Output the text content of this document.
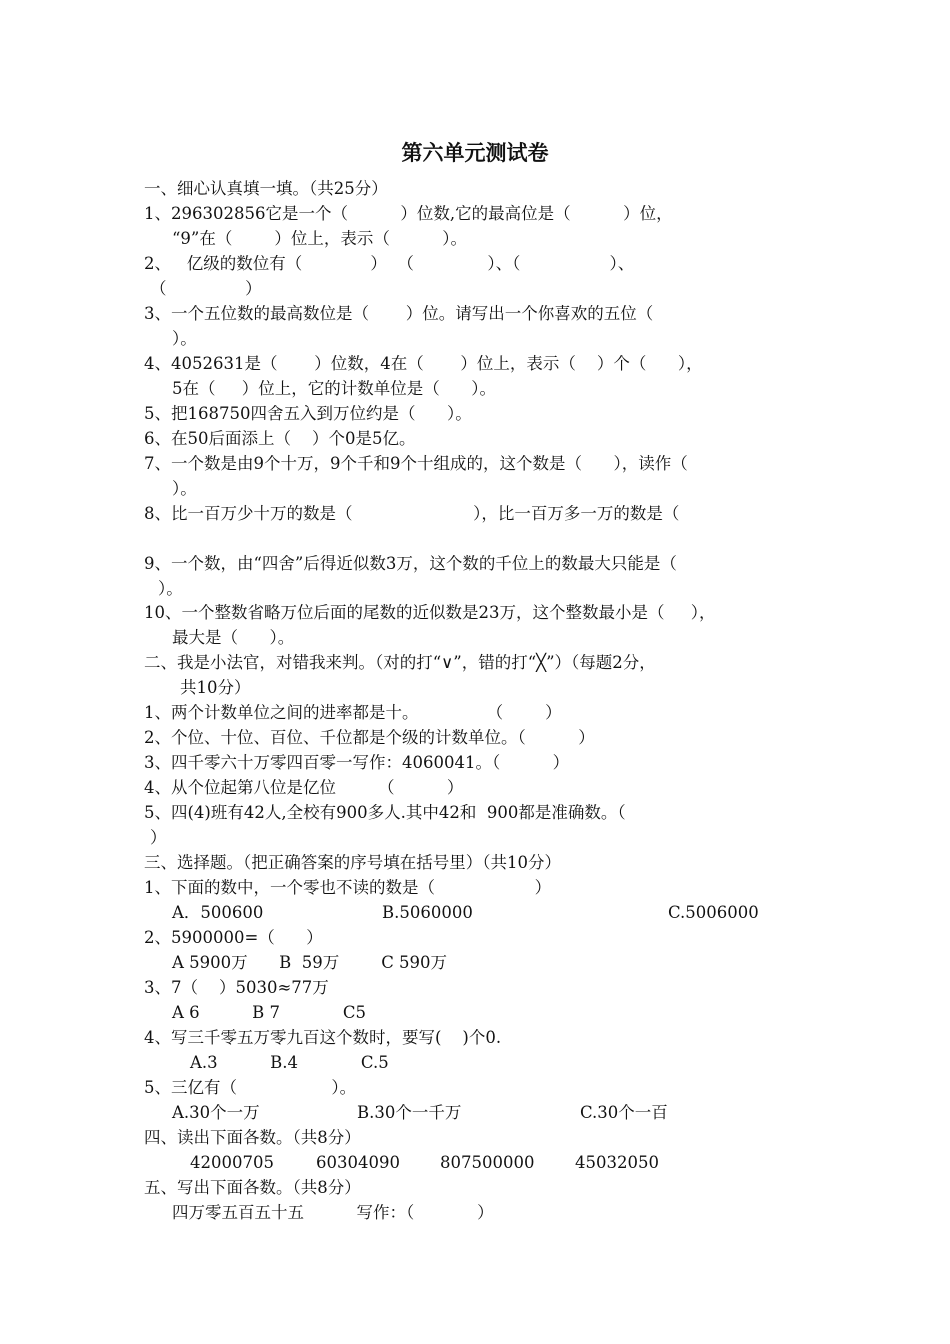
第六单元测试卷
一、细心认真填一填。（共25分）
1、296302856它是一个（          ）位数,它的最高位是（          ）位，
“9”在（        ）位上，表示（          ）。
2、   亿级的数位有（             ）  （              ）、（                 ）、
（               ）
3、一个五位数的最高数位是（       ）位。请写出一个你喜欢的五位（
）。
4、4052631是（       ）位数，4在（       ）位上，表示（    ）个（      ），
5在（     ）位上，它的计数单位是（      ）。
5、把168750四舍五入到万位约是（      ）。
6、在50后面添上（    ）个0是5亿。
7、一个数是由9个十万，9个千和9个十组成的，这个数是（      ），读作（
）。
8、比一百万少十万的数是（                       ），比一百万多一万的数是（
9、一个数，由“四舍”后得近似数3万，这个数的千位上的数最大只能是（
）。
10、一个整数省略万位后面的尾数的近似数是23万，这个整数最小是（     ），
最大是（      ）。
二、我是小法官，对错我来判。（对的打“∨”，错的打“╳”）（每题2分，
共10分）
1、两个计数单位之间的进率都是十。             （        ）
2、个位、十位、百位、千位都是个级的计数单位。（          ）
3、四千零六十万零四百零一写作：4060041。（          ）
4、从个位起第八位是亿位        （          ）
5、四(4)班有42人,全校有900多人.其中42和  900都是准确数。（
）
三、选择题。（把正确答案的序号填在括号里）（共10分）
1、下面的数中，一个零也不读的数是（                   ）
A．500600	B.5060000	C.5006000
2、5900000=（      ）
A 5900万      B  59万        C 590万
3、7（    ）5030≈77万
A 6          B 7            C5
4、写三千零五万零九百这个数时，要写(    )个0.
A.3          B.4            C.5
5、三亿有（                  ）。
A.30个一万	B.30个一千万	C.30个一百
四、读出下面各数。（共8分）
42000705	60304090	807500000	45032050
五、写出下面各数。（共8分）
四万零五百五十五          写作：（            ）
